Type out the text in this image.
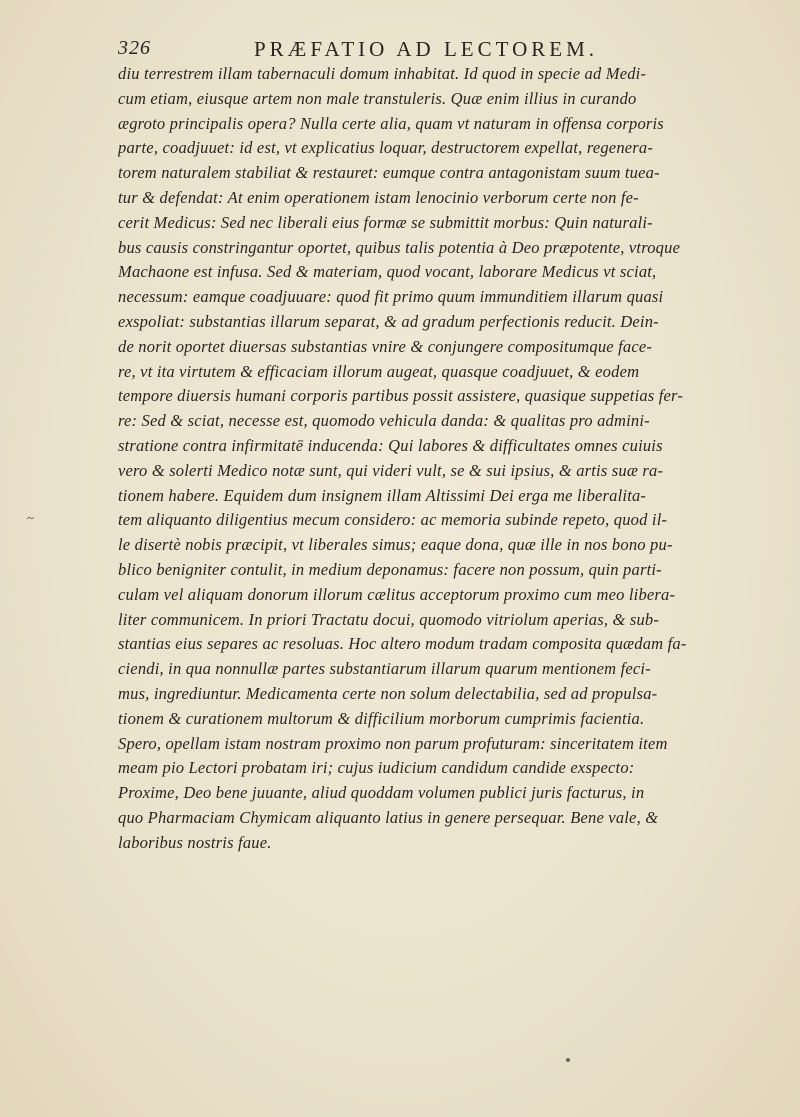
326	PRÆFATIO AD LECTOREM.
~
diu terrestrem illam tabernaculi domum inhabitat. Id quod in specie ad Medi-
cum etiam, eiusque artem non male transtuleris. Quæ enim illius in curando
ægroto principalis opera? Nulla certe alia, quam vt naturam in offensa corporis
parte, coadjuuet: id est, vt explicatius loquar, destructorem expellat, regenera-
torem naturalem stabiliat & restauret: eumque contra antagonistam suum tuea-
tur & defendat: At enim operationem istam lenocinio verborum certe non fe-
cerit Medicus: Sed nec liberali eius formæ se submittit morbus: Quin naturali-
bus causis constringantur oportet, quibus talis potentia à Deo præpotente, vtroque
Machaone est infusa. Sed & materiam, quod vocant, laborare Medicus vt sciat,
necessum: eamque coadjuuare: quod fit primo quum immunditiem illarum quasi
exspoliat: substantias illarum separat, & ad gradum perfectionis reducit. Dein-
de norit oportet diuersas substantias vnire & conjungere compositumque face-
re, vt ita virtutem & efficaciam illorum augeat, quasque coadjuuet, & eodem
tempore diuersis humani corporis partibus possit assistere, quasique suppetias fer-
re: Sed & sciat, necesse est, quomodo vehicula danda: & qualitas pro admini-
stratione contra infirmitatē inducenda: Qui labores & difficultates omnes cuiuis
vero & solerti Medico notæ sunt, qui videri vult, se & sui ipsius, & artis suæ ra-
tionem habere. Equidem dum insignem illam Altissimi Dei erga me liberalita-
tem aliquanto diligentius mecum considero: ac memoria subinde repeto, quod il-
le disertè nobis præcipit, vt liberales simus; eaque dona, quæ ille in nos bono pu-
blico benigniter contulit, in medium deponamus: facere non possum, quin parti-
culam vel aliquam donorum illorum cælitus acceptorum proximo cum meo libera-
liter communicem. In priori Tractatu docui, quomodo vitriolum aperias, & sub-
stantias eius separes ac resoluas. Hoc altero modum tradam composita quædam fa-
ciendi, in qua nonnullæ partes substantiarum illarum quarum mentionem feci-
mus, ingrediuntur. Medicamenta certe non solum delectabilia, sed ad propulsa-
tionem & curationem multorum & difficilium morborum cumprimis facientia.
Spero, opellam istam nostram proximo non parum profuturam: sinceritatem item
meam pio Lectori probatam iri; cujus iudicium candidum candide exspecto:
Proxime, Deo bene juuante, aliud quoddam volumen publici juris facturus, in
quo Pharmaciam Chymicam aliquanto latius in genere persequar. Bene vale, &
laboribus nostris faue.
